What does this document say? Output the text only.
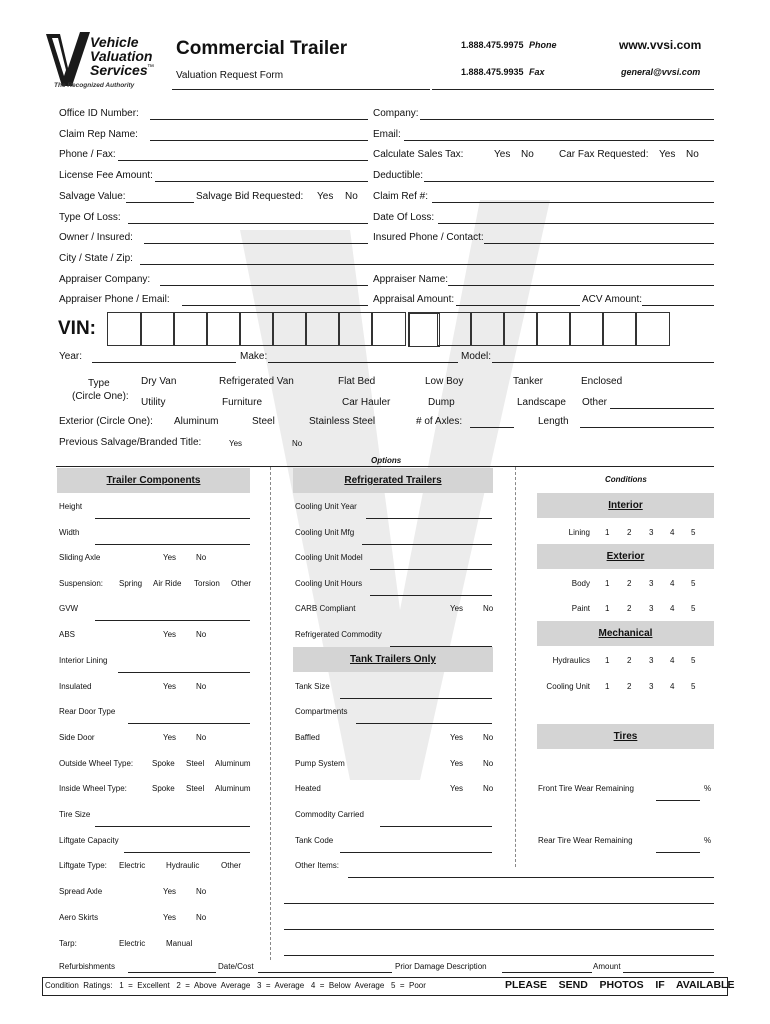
Vehicle
Valuation
Services ™
The Recognized Authority
Commercial Trailer
Valuation Request Form
1.888.475.9975 Phone
1.888.475.9935 Fax
www.vvsi.com
general@vvsi.com
Office ID Number:	Company:
Claim Rep Name:	Email:
Phone / Fax:	Calculate Sales Tax:	Yes No	Car Fax Requested: Yes No
License Fee Amount:	Deductible:
Salvage Value:	Salvage Bid Requested: Yes No Claim Ref #:
Type Of Loss:	Date Of Loss:
Owner / Insured:	Insured Phone / Contact:
City / State / Zip:
Appraiser Company:	Appraiser Name:
Appraiser Phone / Email:	Appraisal Amount:	ACV Amount:
VIN:
Year:	Make:	Model:
Type
(Circle One):
Dry Van	Refrigerated Van	Flat Bed	Low Boy	Tanker	Enclosed
Utility	Furniture	Car Hauler	Dump	Landscape Other
Exterior (Circle One): Aluminum	Steel	Stainless Steel	# of Axles:	Length
Previous Salvage/Branded Title:	Yes	No
Options
Trailer Components	Refrigerated Trailers	Conditions
Interior
Exterior
Mechanical
Tank Trailers Only
Tires
Height
Width
Sliding Axle	Yes No
Suspension: Spring Air Ride Torsion Other
GVW
ABS	Yes No
Interior Lining
Insulated	Yes No
Rear Door Type
Side Door	Yes No
Outside Wheel Type: Spoke Steel Aluminum
Inside Wheel Type:	Spoke Steel Aluminum
Tire Size
Liftgate Capacity
Liftgate Type: Electric	Hydraulic	Other
Spread Axle	Yes No
Aero Skirts	Yes No
Tarp:	Electric	Manual
Cooling Unit Year
Cooling Unit Mfg
Cooling Unit Model
Cooling Unit Hours
CARB Compliant	Yes No
Refrigerated Commodity
Tank Size
Compartments
Baffled	Yes No
Pump System	Yes No
Heated	Yes No
Commodity Carried
Tank Code
Other Items:
Lining 1 2 3 4 5
Body 1 2 3 4 5
Paint 1 2 3 4 5
Hydraulics 1 2 3 4 5
Cooling Unit 1 2 3 4 5
Front Tire Wear Remaining	%
Rear Tire Wear Remaining	%
Refurbishments	Date/Cost	Prior Damage Description	Amount
Condition  Ratings:   1  =  Excellent   2  =  Above  Average   3  =  Average   4  =  Below  Average   5  =  Poor	PLEASE    SEND    PHOTOS    IF    AVAILABLE
